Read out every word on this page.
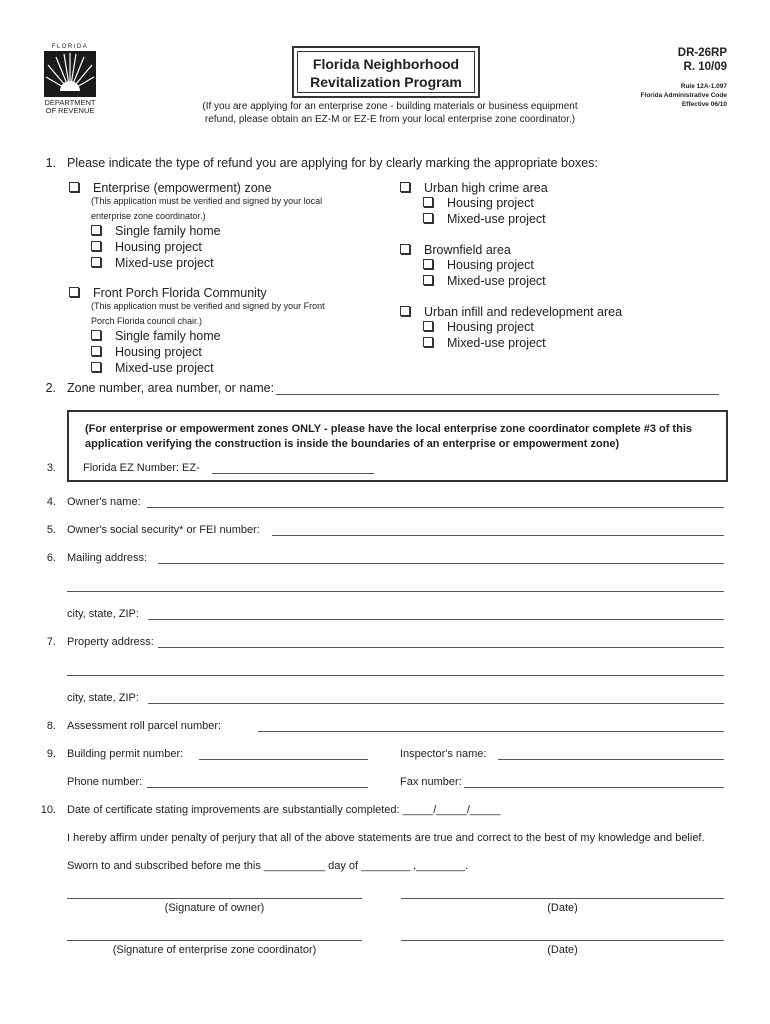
FLORIDA
DEPARTMENT OF REVENUE
Florida Neighborhood
Revitalization Program
DR-26RP
R. 10/09
Rule 12A-1.097
Florida Administrative Code
Effective 06/10
(If you are applying for an enterprise zone - building materials or business equipment
refund, please obtain an EZ-M or EZ-E from your local enterprise zone coordinator.)
1. Please indicate the type of refund you are applying for by clearly marking the appropriate boxes:
Enterprise (empowerment) zone
(This application must be verified and signed by your local
enterprise zone coordinator.)
Single family home
Housing project
Mixed-use project
Front Porch Florida Community
(This application must be verified and signed by your Front
Porch Florida council chair.)
Single family home
Housing project
Mixed-use project
Urban high crime area
Housing project
Mixed-use project
Brownfield area
Housing project
Mixed-use project
Urban infill and redevelopment area
Housing project
Mixed-use project
2. Zone number, area number, or name:
(For enterprise or empowerment zones ONLY - please have the local enterprise zone coordinator complete #3 of this application verifying the construction is inside the boundaries of an enterprise or empowerment zone)
3. Florida EZ Number: EZ-
4. Owner's name:
5. Owner's social security* or FEI number:
6. Mailing address:
city, state, ZIP:
7. Property address:
city, state, ZIP:
8. Assessment roll parcel number:
9. Building permit number:	Inspector's name:
Phone number:	Fax number:
10. Date of certificate stating improvements are substantially completed: _____/_____/_____
I hereby affirm under penalty of perjury that all of the above statements are true and correct to the best of my knowledge and belief.
Sworn to and subscribed before me this __________ day of ________ ,________.
(Signature of owner)	(Date)
(Signature of enterprise zone coordinator)	(Date)
